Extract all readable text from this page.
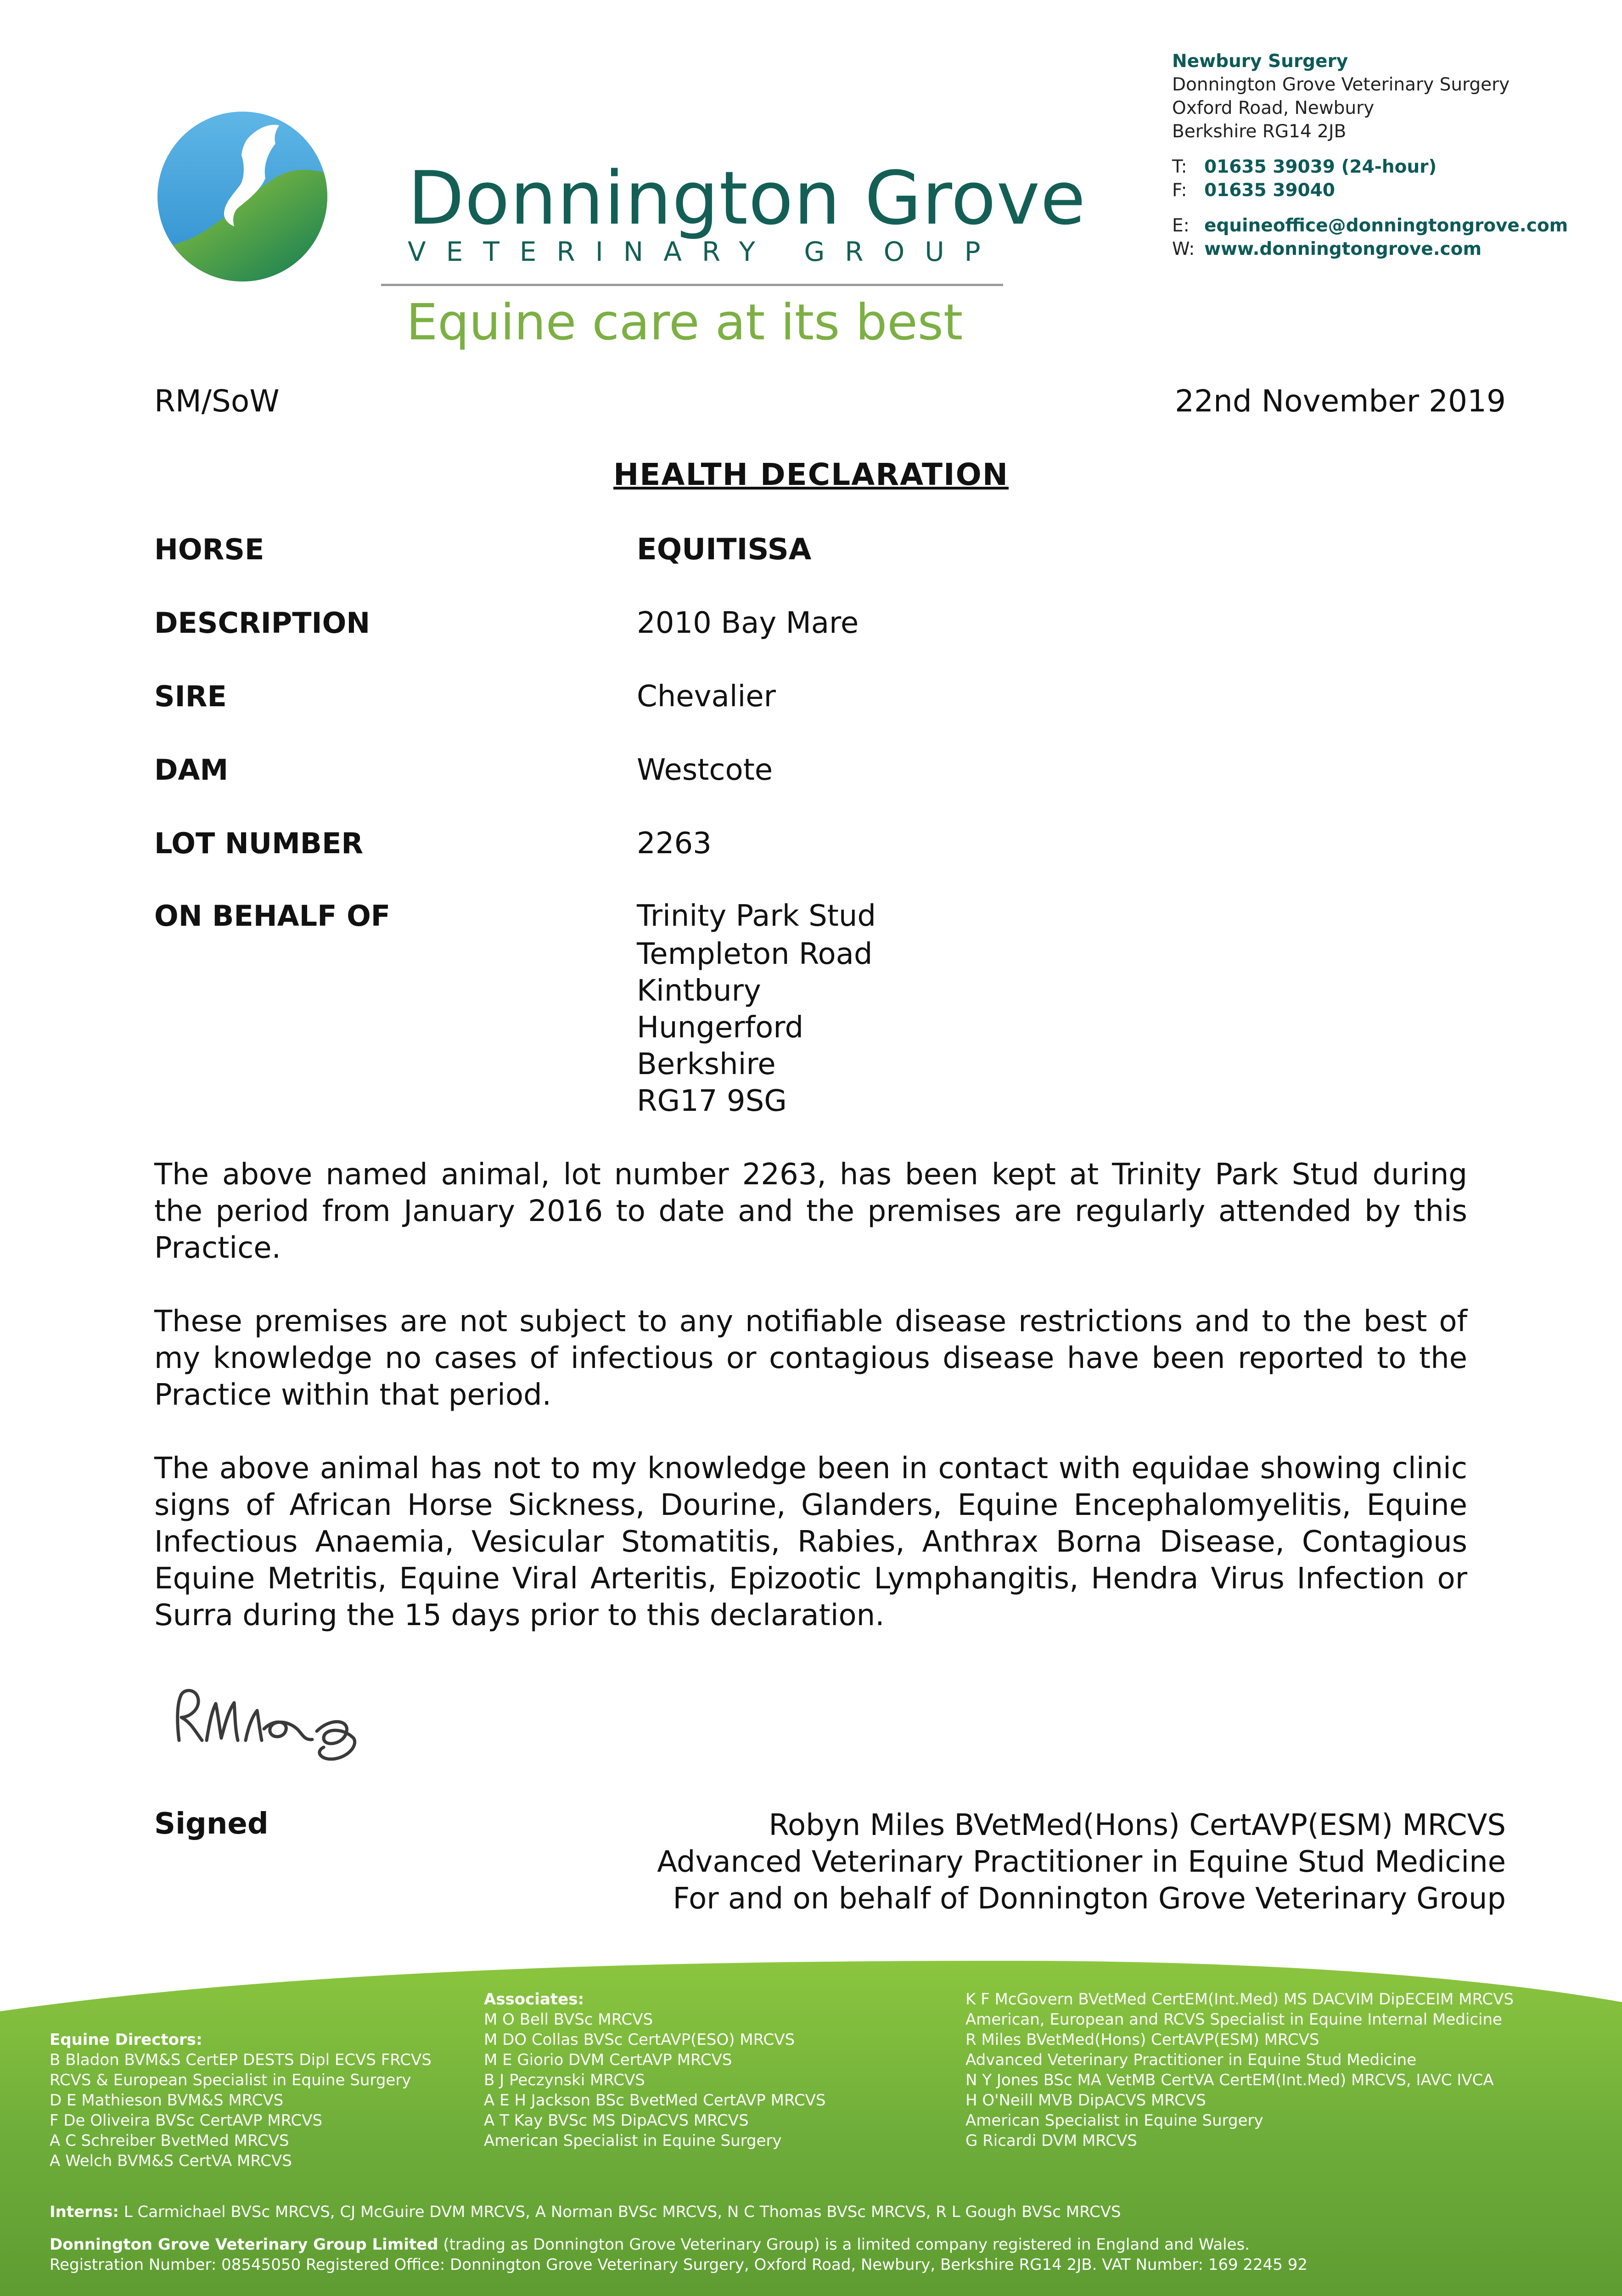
Donnington Grove
VETERINARY GROUP
Equine care at its best
Newbury Surgery
Donnington Grove Veterinary Surgery
Oxford Road, Newbury
Berkshire RG14 2JB
T: 01635 39039 (24-hour)
F: 01635 39040
E: equineoffice@donningtongrove.com
W: www.donningtongrove.com
RM/SoW	22nd November 2019
HEALTH DECLARATION
HORSE	EQUITISSA
DESCRIPTION	2010 Bay Mare
SIRE	Chevalier
DAM	Westcote
LOT NUMBER	2263
ON BEHALF OF	Trinity Park Stud
Templeton Road
Kintbury
Hungerford
Berkshire
RG17 9SG
The above named animal, lot number 2263, has been kept at Trinity Park Stud during the period from January 2016 to date and the premises are regularly attended by this Practice.
These premises are not subject to any notifiable disease restrictions and to the best of my knowledge no cases of infectious or contagious disease have been reported to the Practice within that period.
The above animal has not to my knowledge been in contact with equidae showing clinic signs of African Horse Sickness, Dourine, Glanders, Equine Encephalomyelitis, Equine Infectious Anaemia, Vesicular Stomatitis, Rabies, Anthrax Borna Disease, Contagious Equine Metritis, Equine Viral Arteritis, Epizootic Lymphangitis, Hendra Virus Infection or Surra during the 15 days prior to this declaration.
Signed	Robyn Miles BVetMed(Hons) CertAVP(ESM) MRCVS
Advanced Veterinary Practitioner in Equine Stud Medicine
For and on behalf of Donnington Grove Veterinary Group
Equine Directors:
B Bladon BVM&S CertEP DESTS Dipl ECVS FRCVS
RCVS & European Specialist in Equine Surgery
D E Mathieson BVM&S MRCVS
F De Oliveira BVSc CertAVP MRCVS
A C Schreiber BvetMed MRCVS
A Welch BVM&S CertVA MRCVS
Associates:
M O Bell BVSc MRCVS
M DO Collas BVSc CertAVP(ESO) MRCVS
M E Giorio DVM CertAVP MRCVS
B J Peczynski MRCVS
A E H Jackson BSc BvetMed CertAVP MRCVS
A T Kay BVSc MS DipACVS MRCVS
American Specialist in Equine Surgery
K F McGovern BVetMed CertEM(Int.Med) MS DACVIM DipECEIM MRCVS
American, European and RCVS Specialist in Equine Internal Medicine
R Miles BVetMed(Hons) CertAVP(ESM) MRCVS
Advanced Veterinary Practitioner in Equine Stud Medicine
N Y Jones BSc MA VetMB CertVA CertEM(Int.Med) MRCVS, IAVC IVCA
H O'Neill MVB DipACVS MRCVS
American Specialist in Equine Surgery
G Ricardi DVM MRCVS
Interns: L Carmichael BVSc MRCVS, CJ McGuire DVM MRCVS, A Norman BVSc MRCVS, N C Thomas BVSc MRCVS, R L Gough BVSc MRCVS
Donnington Grove Veterinary Group Limited (trading as Donnington Grove Veterinary Group) is a limited company registered in England and Wales.
Registration Number: 08545050 Registered Office: Donnington Grove Veterinary Surgery, Oxford Road, Newbury, Berkshire RG14 2JB. VAT Number: 169 2245 92
